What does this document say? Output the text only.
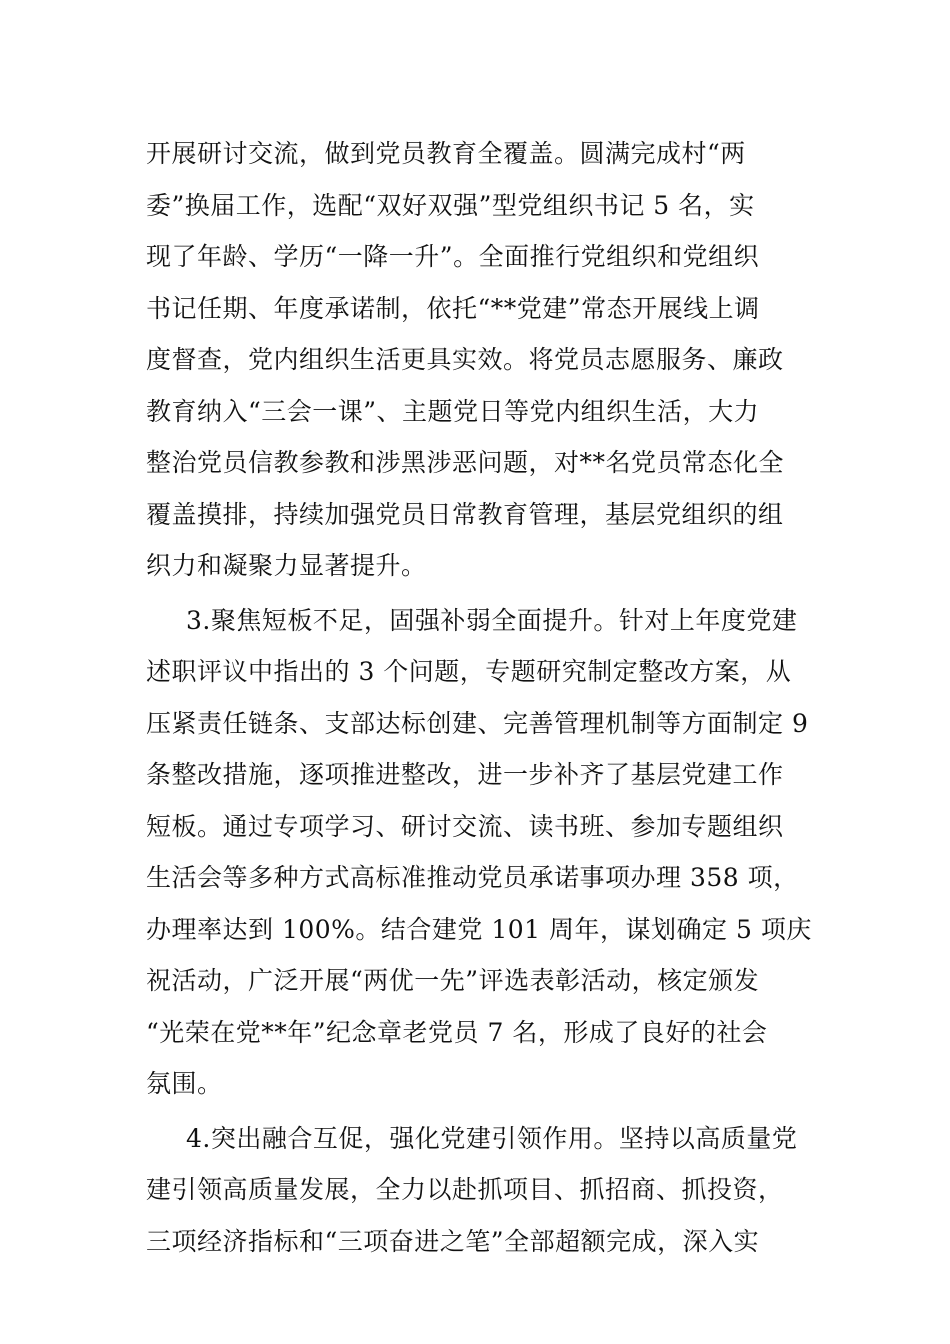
开展研讨交流，做到党员教育全覆盖。圆满完成村“两
委”换届工作，选配“双好双强”型党组织书记 5 名，实
现了年龄、学历“一降一升”。全面推行党组织和党组织
书记任期、年度承诺制，依托“**党建”常态开展线上调
度督查，党内组织生活更具实效。将党员志愿服务、廉政
教育纳入“三会一课”、主题党日等党内组织生活，大力
整治党员信教参教和涉黑涉恶问题，对**名党员常态化全
覆盖摸排，持续加强党员日常教育管理，基层党组织的组
织力和凝聚力显著提升。
3.聚焦短板不足，固强补弱全面提升。针对上年度党建
述职评议中指出的 3 个问题，专题研究制定整改方案，从
压紧责任链条、支部达标创建、完善管理机制等方面制定 9
条整改措施，逐项推进整改，进一步补齐了基层党建工作
短板。通过专项学习、研讨交流、读书班、参加专题组织
生活会等多种方式高标准推动党员承诺事项办理 358 项，
办理率达到 100%。结合建党 101 周年，谋划确定 5 项庆
祝活动，广泛开展“两优一先”评选表彰活动，核定颁发
“光荣在党**年”纪念章老党员 7 名，形成了良好的社会
氛围。
4.突出融合互促，强化党建引领作用。坚持以高质量党
建引领高质量发展，全力以赴抓项目、抓招商、抓投资，
三项经济指标和“三项奋进之笔”全部超额完成，深入实
